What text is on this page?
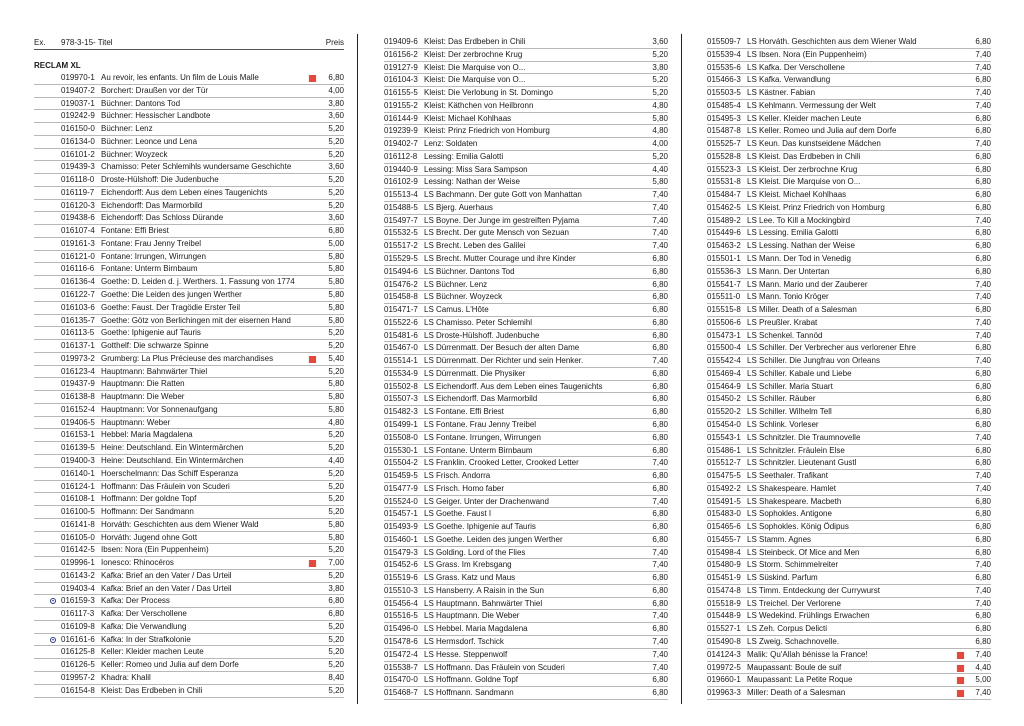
Ex. 978-3-15- Titel	Preis
RECLAM XL
019970-1 Au revoir, les enfants. Un film de Louis Malle	6,80
019407-2 Borchert: Draußen vor der Tür	4,00
019037-1 Büchner: Dantons Tod	3,80
019242-9 Büchner: Hessischer Landbote	3,60
016150-0 Büchner: Lenz	5,20
016134-0 Büchner: Leonce und Lena	5,20
016101-2 Büchner: Woyzeck	5,20
019439-3 Chamisso: Peter Schlemihls wundersame Geschichte	3,60
016118-0 Droste-Hülshoff: Die Judenbuche	5,20
016119-7 Eichendorff: Aus dem Leben eines Taugenichts	5,20
016120-3 Eichendorff: Das Marmorbild	5,20
019438-6 Eichendorff: Das Schloss Dürande	3,60
016107-4 Fontane: Effi Briest	6,80
019161-3 Fontane: Frau Jenny Treibel	5,00
016121-0 Fontane: Irrungen, Wirrungen	5,80
016116-6 Fontane: Unterm Birnbaum	5,80
016136-4 Goethe: D. Leiden d. j. Werthers. 1. Fassung von 1774	5,80
016122-7 Goethe: Die Leiden des jungen Werther	5,80
016103-6 Goethe: Faust. Der Tragödie Erster Teil	5,80
016135-7 Goethe: Götz von Berlichingen mit der eisernen Hand	5,80
016113-5 Goethe: Iphigenie auf Tauris	5,20
016137-1 Gotthelf: Die schwarze Spinne	5,20
019973-2 Grumberg: La Plus Précieuse des marchandises	5,40
016123-4 Hauptmann: Bahnwärter Thiel	5,20
019437-9 Hauptmann: Die Ratten	5,80
016138-8 Hauptmann: Die Weber	5,80
016152-4 Hauptmann: Vor Sonnenaufgang	5,80
019406-5 Hauptmann: Weber	4,80
016153-1 Hebbel: Maria Magdalena	5,20
016139-5 Heine: Deutschland. Ein Wintermärchen	5,20
019400-3 Heine: Deutschland. Ein Wintermärchen	4,40
016140-1 Hoerschelmann: Das Schiff Esperanza	5,20
016124-1 Hoffmann: Das Fräulein von Scuderi	5,20
016108-1 Hoffmann: Der goldne Topf	5,20
016100-5 Hoffmann: Der Sandmann	5,20
016141-8 Horváth: Geschichten aus dem Wiener Wald	5,80
016105-0 Horváth: Jugend ohne Gott	5,80
016142-5 Ibsen: Nora (Ein Puppenheim)	5,20
019996-1 Ionesco: Rhinocéros	7,00
016143-2 Kafka: Brief an den Vater / Das Urteil	5,20
019403-4 Kafka: Brief an den Vater / Das Urteil	3,80
016159-3 Kafka: Der Process	6,80
016117-3 Kafka: Der Verschollene	6,80
016109-8 Kafka: Die Verwandlung	5,20
016161-6 Kafka: In der Strafkolonie	5,20
016125-8 Keller: Kleider machen Leute	5,20
016126-5 Keller: Romeo und Julia auf dem Dorfe	5,20
019957-2 Khadra: Khalil	8,40
016154-8 Kleist: Das Erdbeben in Chili	5,20
019409-6 Kleist: Das Erdbeben in Chili	3,60
016156-2 Kleist: Der zerbrochne Krug	5,20
019127-9 Kleist: Die Marquise von O...	3,80
016104-3 Kleist: Die Marquise von O...	5,20
016155-5 Kleist: Die Verlobung in St. Domingo	5,20
019155-2 Kleist: Käthchen von Heilbronn	4,80
016144-9 Kleist: Michael Kohlhaas	5,80
019239-9 Kleist: Prinz Friedrich von Homburg	4,80
019402-7 Lenz: Soldaten	4,00
016112-8 Lessing: Emilia Galotti	5,20
019440-9 Lessing: Miss Sara Sampson	4,40
016102-9 Lessing: Nathan der Weise	5,80
015513-4 LS Bachmann. Der gute Gott von Manhattan	7,40
015488-5 LS Bjerg. Auerhaus	7,40
015497-7 LS Boyne. Der Junge im gestreiften Pyjama	7,40
015532-5 LS Brecht. Der gute Mensch von Sezuan	7,40
015517-2 LS Brecht. Leben des Galilei	7,40
015529-5 LS Brecht. Mutter Courage und ihre Kinder	6,80
015494-6 LS Büchner. Dantons Tod	6,80
015476-2 LS Büchner. Lenz	6,80
015458-8 LS Büchner. Woyzeck	6,80
015471-7 LS Camus. L'Hôte	6,80
015522-6 LS Chamisso. Peter Schlemihl	6,80
015481-6 LS Droste-Hülshoff. Judenbuche	6,80
015467-0 LS Dürrenmatt. Der Besuch der alten Dame	6,80
015514-1 LS Dürrenmatt. Der Richter und sein Henker.	7,40
015534-9 LS Dürrenmatt. Die Physiker	6,80
015502-8 LS Eichendorff. Aus dem Leben eines Taugenichts	6,80
015507-3 LS Eichendorff. Das Marmorbild	6,80
015482-3 LS Fontane. Effi Briest	6,80
015499-1 LS Fontane. Frau Jenny Treibel	6,80
015508-0 LS Fontane. Irrungen, Wirrungen	6,80
015530-1 LS Fontane. Unterm Birnbaum	6,80
015504-2 LS Franklin. Crooked Letter, Crooked Letter	7,40
015459-5 LS Frisch. Andorra	6,80
015477-9 LS Frisch. Homo faber	6,80
015524-0 LS Geiger. Unter der Drachenwand	7,40
015457-1 LS Goethe. Faust I	6,80
015493-9 LS Goethe. Iphigenie auf Tauris	6,80
015460-1 LS Goethe. Leiden des jungen Werther	6,80
015479-3 LS Golding. Lord of the Flies	7,40
015452-6 LS Grass. Im Krebsgang	7,40
015519-6 LS Grass. Katz und Maus	6,80
015510-3 LS Hansberry. A Raisin in the Sun	6,80
015456-4 LS Hauptmann. Bahnwärter Thiel	6,80
015516-5 LS Hauptmann. Die Weber	7,40
015496-0 LS Hebbel. Maria Magdalena	6,80
015478-6 LS Hermsdorf. Tschick	7,40
015472-4 LS Hesse. Steppenwolf	7,40
015538-7 LS Hoffmann. Das Fräulein von Scuderi	7,40
015470-0 LS Hoffmann. Goldne Topf	6,80
015468-7 LS Hoffmann. Sandmann	6,80
015509-7 LS Horváth. Geschichten aus dem Wiener Wald	6,80
015539-4 LS Ibsen. Nora (Ein Puppenheim)	7,40
015535-6 LS Kafka. Der Verschollene	7,40
015466-3 LS Kafka. Verwandlung	6,80
015503-5 LS Kästner. Fabian	7,40
015485-4 LS Kehlmann. Vermessung der Welt	7,40
015495-3 LS Keller. Kleider machen Leute	6,80
015487-8 LS Keller. Romeo und Julia auf dem Dorfe	6,80
015525-7 LS Keun. Das kunstseidene Mädchen	7,40
015528-8 LS Kleist. Das Erdbeben in Chili	6,80
015523-3 LS Kleist. Der zerbrochne Krug	6,80
015531-8 LS Kleist. Die Marquise von O...	6,80
015484-7 LS Kleist. Michael Kohlhaas	6,80
015462-5 LS Kleist. Prinz Friedrich von Homburg	6,80
015489-2 LS Lee. To Kill a Mockingbird	7,40
015449-6 LS Lessing. Emilia Galotti	6,80
015463-2 LS Lessing. Nathan der Weise	6,80
015501-1 LS Mann. Der Tod in Venedig	6,80
015536-3 LS Mann. Der Untertan	6,80
015541-7 LS Mann. Mario und der Zauberer	7,40
015511-0 LS Mann. Tonio Kröger	7,40
015515-8 LS Miller. Death of a Salesman	6,80
015506-6 LS Preußler. Krabat	7,40
015473-1 LS Schenkel. Tannöd	7,40
015500-4 LS Schiller. Der Verbrecher aus verlorener Ehre	6,80
015542-4 LS Schiller. Die Jungfrau von Orleans	7,40
015469-4 LS Schiller. Kabale und Liebe	6,80
015464-9 LS Schiller. Maria Stuart	6,80
015450-2 LS Schiller. Räuber	6,80
015520-2 LS Schiller. Wilhelm Tell	6,80
015454-0 LS Schlink. Vorleser	6,80
015543-1 LS Schnitzler. Die Traumnovelle	7,40
015486-1 LS Schnitzler. Fräulein Else	6,80
015512-7 LS Schnitzler. Lieutenant Gustl	6,80
015475-5 LS Seethaler. Trafikant	7,40
015492-2 LS Shakespeare. Hamlet	7,40
015491-5 LS Shakespeare. Macbeth	6,80
015483-0 LS Sophokles. Antigone	6,80
015465-6 LS Sophokles. König Ödipus	6,80
015455-7 LS Stamm. Agnes	6,80
015498-4 LS Steinbeck. Of Mice and Men	6,80
015480-9 LS Storm. Schimmelreiter	7,40
015451-9 LS Süskind. Parfum	6,80
015474-8 LS Timm. Entdeckung der Currywurst	7,40
015518-9 LS Treichel. Der Verlorene	7,40
015448-9 LS Wedekind. Frühlings Erwachen	6,80
015527-1 LS Zeh. Corpus Delicti	6,80
015490-8 LS Zweig. Schachnovelle.	6,80
014124-3 Malik: Qu'Allah bénisse la France!	7,40
019972-5 Maupassant: Boule de suif	4,40
019660-1 Maupassant: La Petite Roque	5,00
019963-3 Miller: Death of a Salesman	7,40
